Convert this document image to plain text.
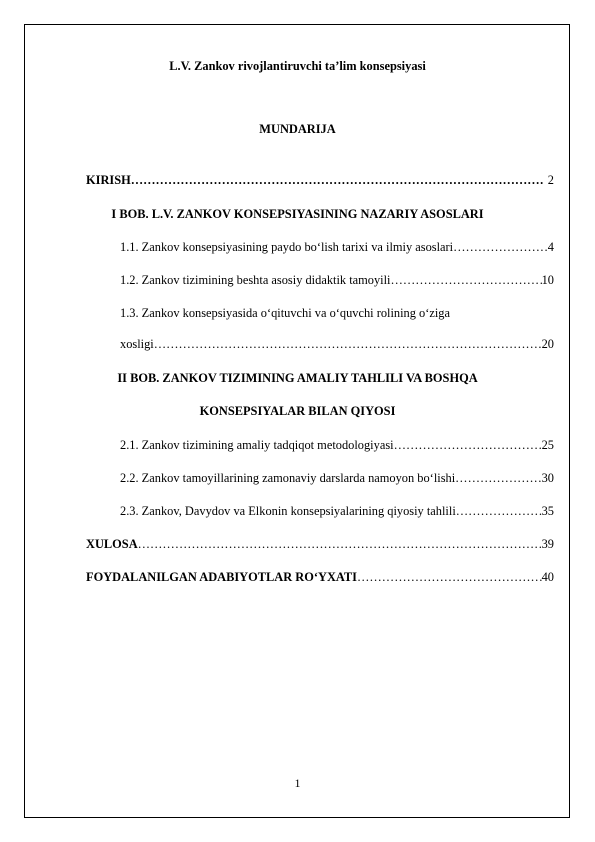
L.V. Zankov rivojlantiruvchi ta’lim konsepsiyasi
MUNDARIJA
KIRISH …………………………………………………………………………………………………………………………………………………………………………………………	2
I BOB. L.V. ZANKOV KONSEPSIYASINING NAZARIY ASOSLARI
1.1. Zankov konsepsiyasining paydo bo‘lish tarixi va ilmiy asoslari …………………………………………………………………………………………………………………………………………………………………………………………	4
1.2. Zankov tizimining beshta asosiy didaktik tamoyili …………………………………………………………………………………………………………………………………………………………………………………………	10
1.3. Zankov konsepsiyasida o‘qituvchi va o‘quvchi rolining o‘ziga
xosligi …………………………………………………………………………………………………………………………………………………………………………………………	20
II BOB. ZANKOV TIZIMINING AMALIY TAHLILI VA BOSHQA
KONSEPSIYALAR BILAN QIYOSI
2.1. Zankov tizimining amaliy tadqiqot metodologiyasi …………………………………………………………………………………………………………………………………………………………………………………………	25
2.2. Zankov tamoyillarining zamonaviy darslarda namoyon bo‘lishi …………………………………………………………………………………………………………………………………………………………………………………………	30
2.3. Zankov, Davydov va Elkonin konsepsiyalarining qiyosiy tahlili …………………………………………………………………………………………………………………………………………………………………………………………	35
XULOSA …………………………………………………………………………………………………………………………………………………………………………………………	39
FOYDALANILGAN ADABIYOTLAR RO‘YXATI …………………………………………………………………………………………………………………………………………………………………………………………	40
1
